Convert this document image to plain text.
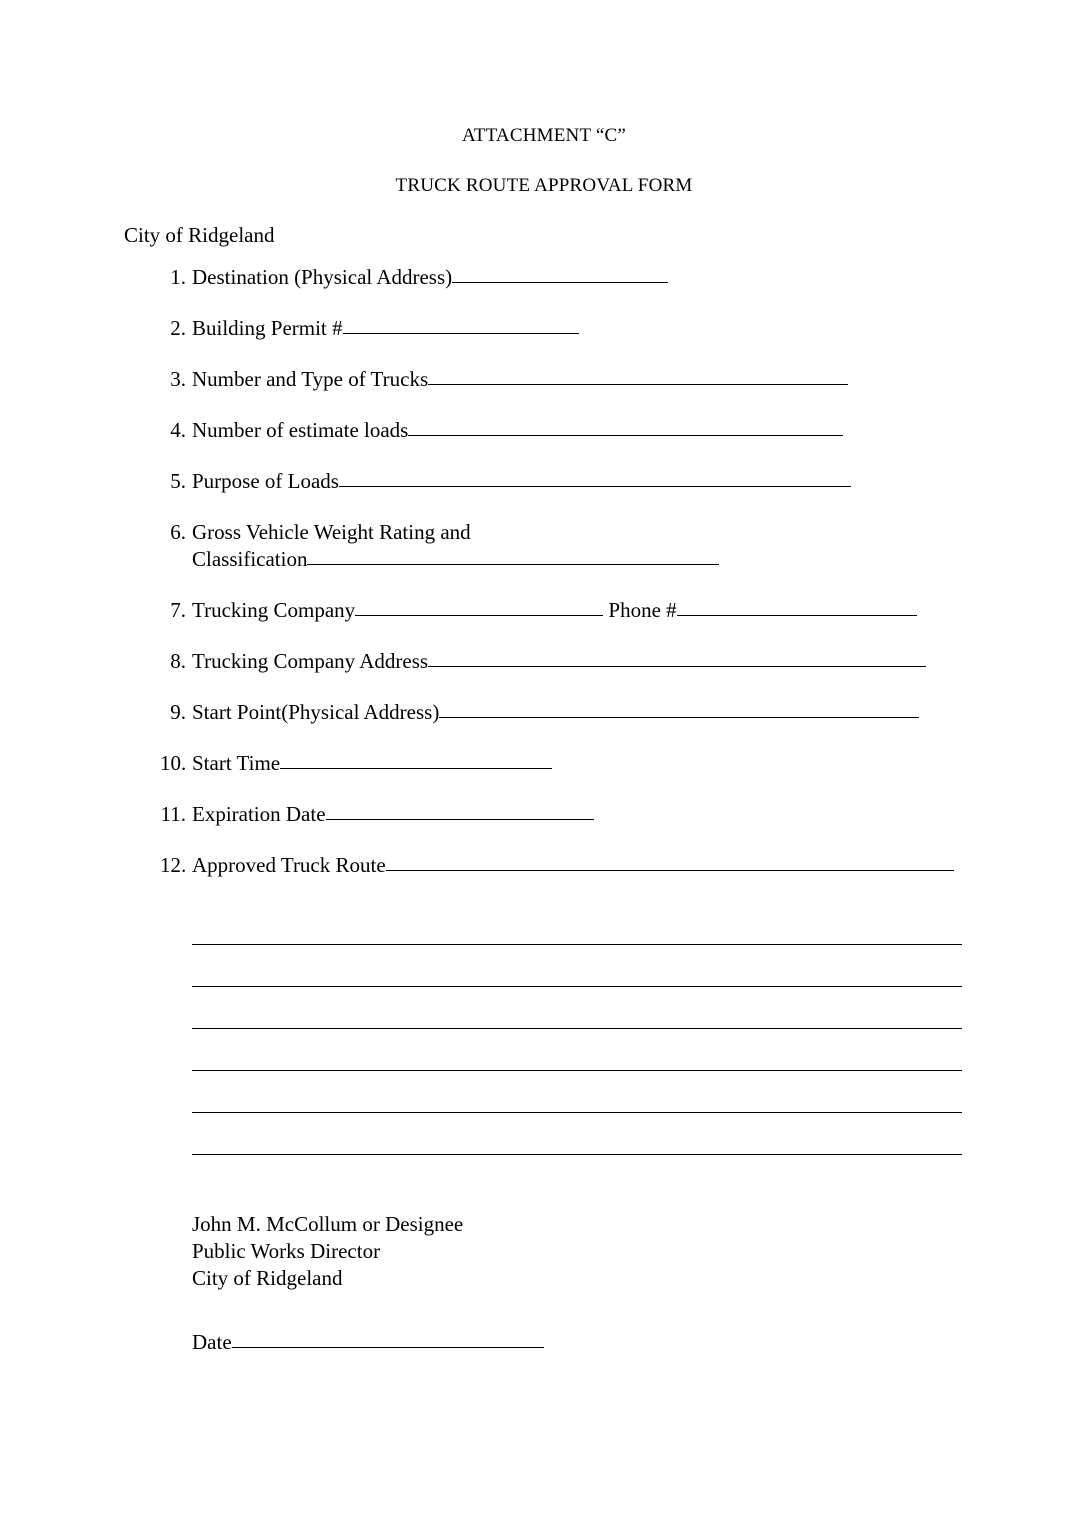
ATTACHMENT “C”
TRUCK ROUTE APPROVAL FORM
City of Ridgeland
1. Destination (Physical Address)
2. Building Permit #
3. Number and Type of Trucks
4. Number of estimate loads
5. Purpose of Loads
6. Gross Vehicle Weight Rating and
Classification
7. Trucking Company	Phone #
8. Trucking Company Address
9. Start Point(Physical Address)
10. Start Time
11. Expiration Date
12. Approved Truck Route
John M. McCollum or Designee
Public Works Director
City of Ridgeland
Date
